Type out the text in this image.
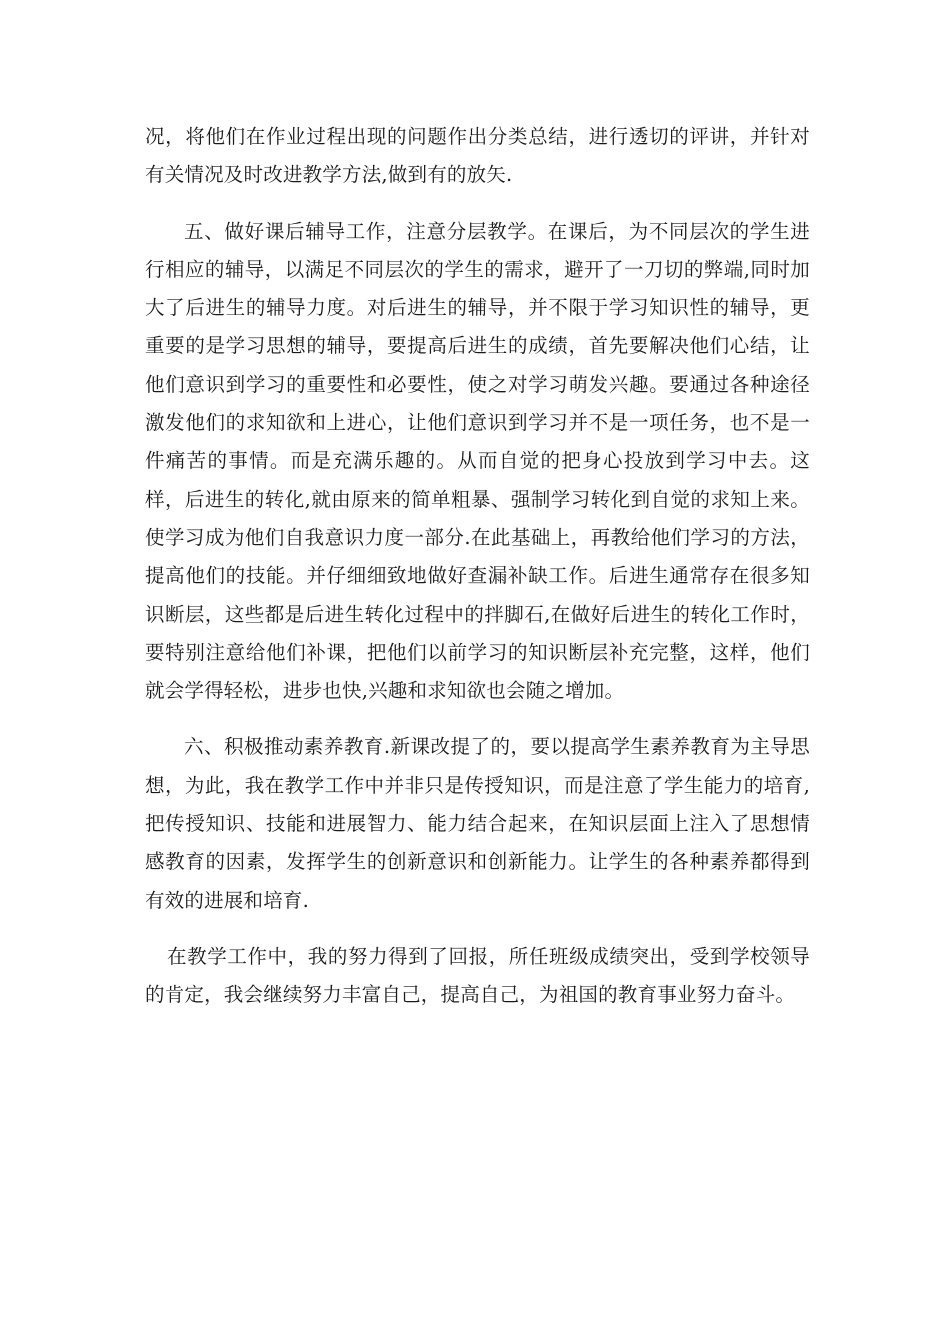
况，将他们在作业过程出现的问题作出分类总结，进行透切的评讲，并针对有关情况及时改进教学方法,做到有的放矢.

五、做好课后辅导工作，注意分层教学。在课后，为不同层次的学生进行相应的辅导，以满足不同层次的学生的需求，避开了一刀切的弊端,同时加大了后进生的辅导力度。对后进生的辅导，并不限于学习知识性的辅导，更重要的是学习思想的辅导，要提高后进生的成绩，首先要解决他们心结，让他们意识到学习的重要性和必要性，使之对学习萌发兴趣。要通过各种途径激发他们的求知欲和上进心，让他们意识到学习并不是一项任务，也不是一件痛苦的事情。而是充满乐趣的。从而自觉的把身心投放到学习中去。这样，后进生的转化,就由原来的简单粗暴、强制学习转化到自觉的求知上来。使学习成为他们自我意识力度一部分.在此基础上，再教给他们学习的方法，提高他们的技能。并仔细细致地做好查漏补缺工作。后进生通常存在很多知识断层，这些都是后进生转化过程中的拌脚石,在做好后进生的转化工作时，要特别注意给他们补课，把他们以前学习的知识断层补充完整，这样，他们就会学得轻松，进步也快,兴趣和求知欲也会随之增加。

六、积极推动素养教育.新课改提了的，要以提高学生素养教育为主导思想，为此，我在教学工作中并非只是传授知识，而是注意了学生能力的培育,把传授知识、技能和进展智力、能力结合起来，在知识层面上注入了思想情感教育的因素，发挥学生的创新意识和创新能力。让学生的各种素养都得到有效的进展和培育.

在教学工作中，我的努力得到了回报，所任班级成绩突出，受到学校领导的肯定，我会继续努力丰富自己，提高自己，为祖国的教育事业努力奋斗。
